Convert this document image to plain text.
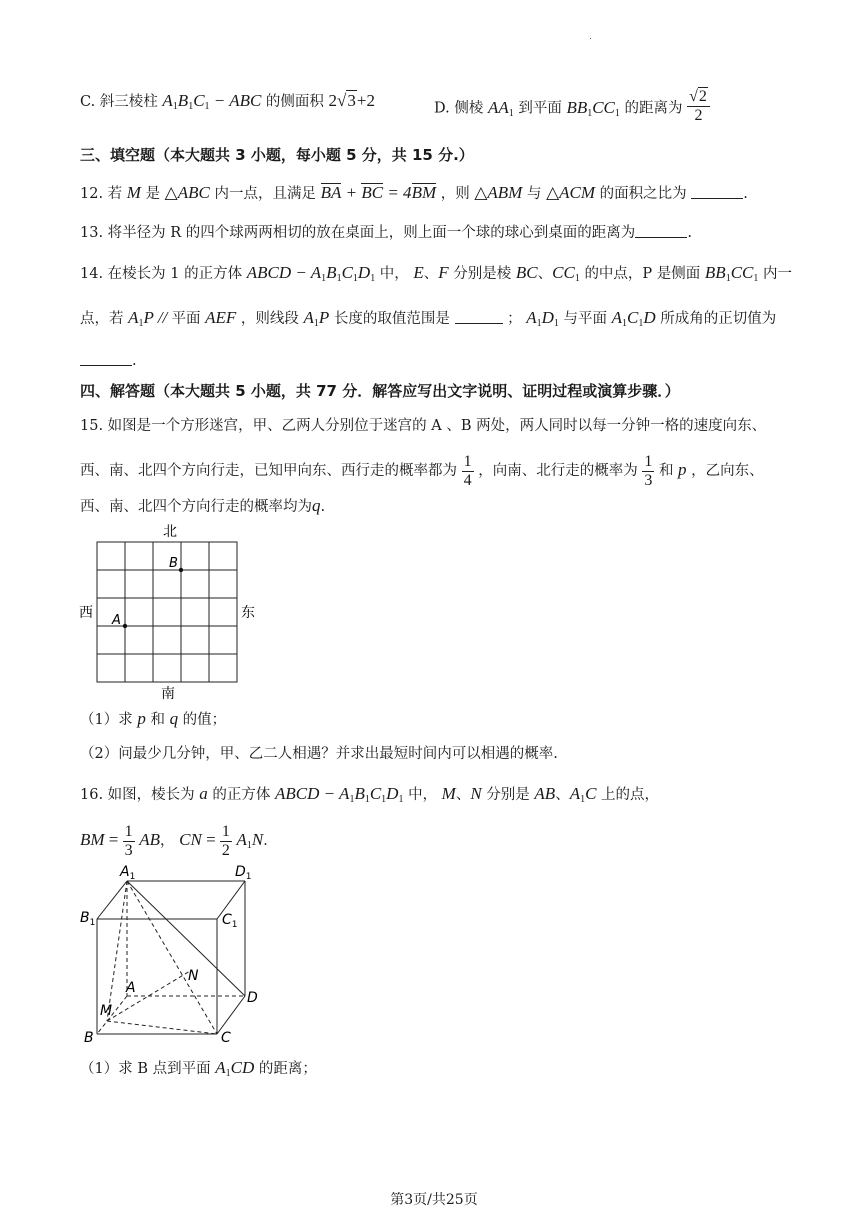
C. 斜三棱柱 $A_1B_1C_1$ − ABC 的侧面积 2√3+2	D. 侧棱 $AA_1$ 到平面 $BB_1CC_1$ 的距离为 $\frac{√2}{2}$
三、填空题（本大题共 3 小题，每小题 5 分，共 15 分.）
12. 若 M 是 △ABC 内一点，且满足 BA + BC = 4BM ，则 △ABM 与 △ACM 的面积之比为	.
13. 将半径为 R 的四个球两两相切的放在桌面上，则上面一个球的球心到桌面的距离为	.
14. 在棱长为 1 的正方体 ABCD − $A_1B_1C_1D_1$ 中， E、F 分别是棱 BC、$CC_1$ 的中点，P 是侧面 $BB_1CC_1$ 内一
点，若 $A_1P$ // 平面 AEF ，则线段 $A_1P$ 长度的取值范围是	； $A_1D_1$ 与平面 $A_1C_1D$ 所成角的正切值为
.
四、解答题（本大题共 5 小题，共 77 分．解答应写出文字说明、证明过程或演算步骤．）
15. 如图是一个方形迷宫，甲、乙两人分别位于迷宫的 A 、B 两处，两人同时以每一分钟一格的速度向东、
西、南、北四个方向行走，已知甲向东、西行走的概率都为 $\frac{1}{4}$ ，向南、北行走的概率为 $\frac{1}{3}$ 和 p ，乙向东、
西、南、北四个方向行走的概率均为q.
北
南
西	东
B
A
（1）求 p 和 q 的值；
（2）问最少几分钟，甲、乙二人相遇？并求出最短时间内可以相遇的概率.
16. 如图，棱长为 a 的正方体 ABCD − $A_1B_1C_1D_1$ 中， M、N 分别是 AB、$A_1C$ 上的点，
BM = $\frac{1}{3}$ AB， CN = $\frac{1}{2} A_1N$．
$A_1$	$D_1$
$B_1$	$C_1$
A
D
B	C
M
N
（1）求 B 点到平面 $A_1CD$ 的距离；
第3页/共25页
